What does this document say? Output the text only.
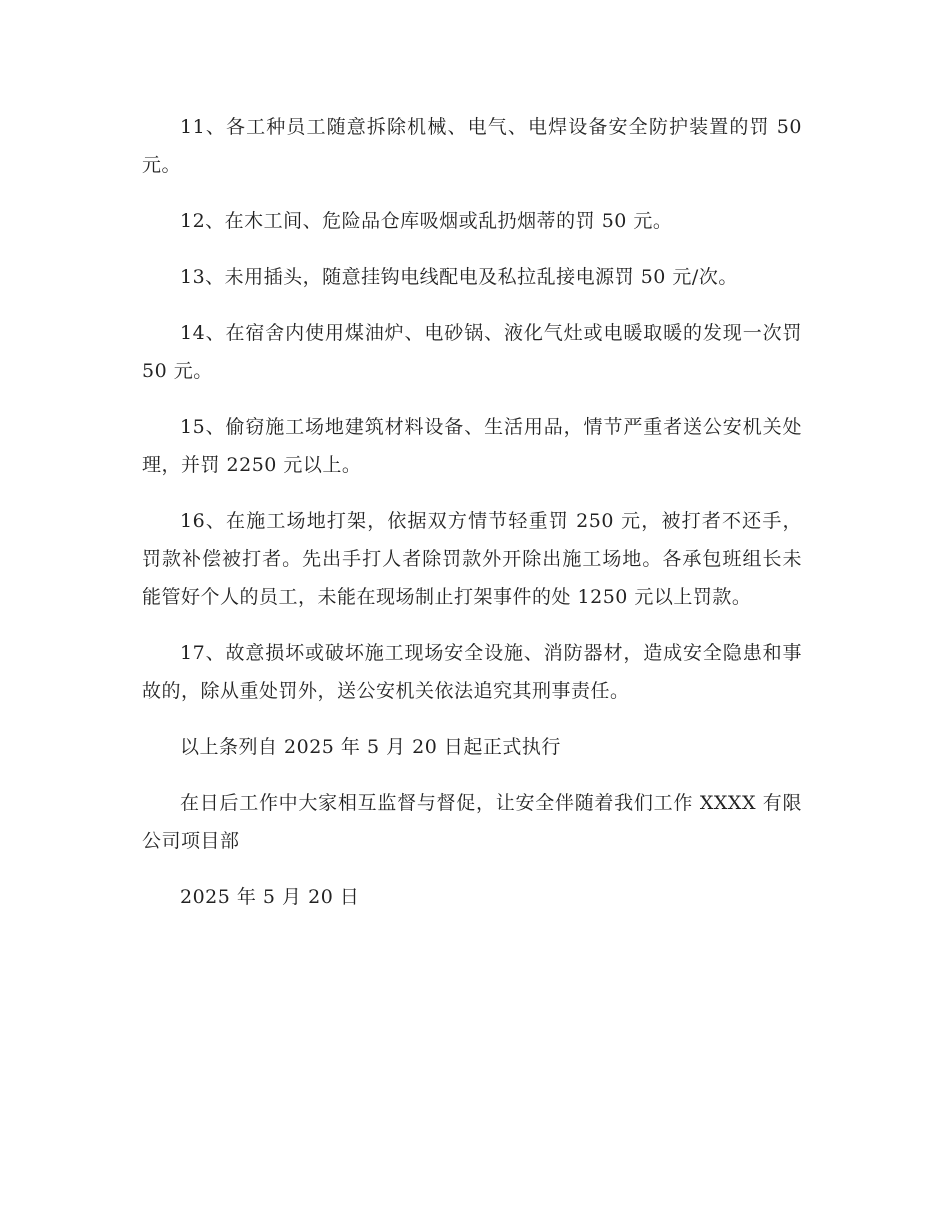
11、各工种员工随意拆除机械、电气、电焊设备安全防护装置的罚 50 元。

12、在木工间、危险品仓库吸烟或乱扔烟蒂的罚 50 元。

13、未用插头，随意挂钩电线配电及私拉乱接电源罚 50 元/次。

14、在宿舍内使用煤油炉、电砂锅、液化气灶或电暖取暖的发现一次罚 50 元。

15、偷窃施工场地建筑材料设备、生活用品，情节严重者送公安机关处理，并罚 2250 元以上。

16、在施工场地打架，依据双方情节轻重罚 250 元，被打者不还手，罚款补偿被打者。先出手打人者除罚款外开除出施工场地。各承包班组长未能管好个人的员工，未能在现场制止打架事件的处 1250 元以上罚款。

17、故意损坏或破坏施工现场安全设施、消防器材，造成安全隐患和事故的，除从重处罚外，送公安机关依法追究其刑事责任。

以上条列自 2025 年 5 月 20 日起正式执行

在日后工作中大家相互监督与督促，让安全伴随着我们工作 XXXX 有限公司项目部

2025 年 5 月 20 日
